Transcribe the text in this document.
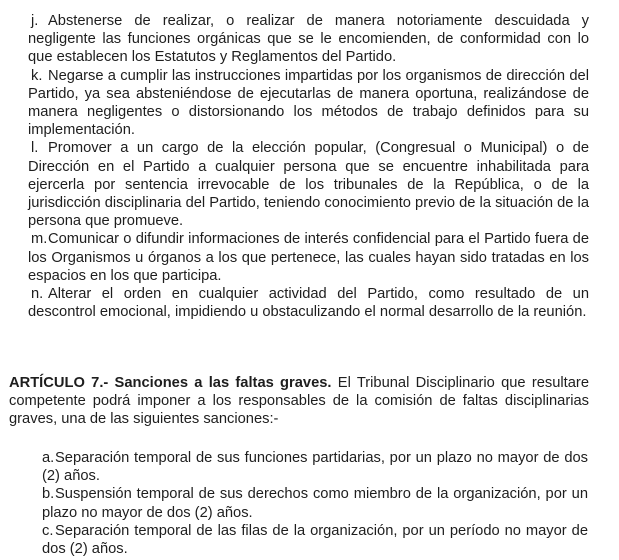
j. Abstenerse de realizar, o realizar de manera notoriamente descuidada y negligente las funciones orgánicas que se le encomienden, de conformidad con lo que establecen los Estatutos y Reglamentos del Partido.

k. Negarse a cumplir las instrucciones impartidas por los organismos de dirección del Partido, ya sea absteniéndose de ejecutarlas de manera oportuna, realizándose de manera negligentes o distorsionando los métodos de trabajo definidos para su implementación.

l. Promover a un cargo de la elección popular, (Congresual o Municipal) o de Dirección en el Partido a cualquier persona que se encuentre inhabilitada para ejercerla por sentencia irrevocable de los tribunales de la República, o de la jurisdicción disciplinaria del Partido, teniendo conocimiento previo de la situación de la persona que promueve.

m.Comunicar o difundir informaciones de interés confidencial para el Partido fuera de los Organismos u órganos a los que pertenece, las cuales hayan sido tratadas en los espacios en los que participa.

n. Alterar el orden en cualquier actividad del Partido, como resultado de un descontrol emocional, impidiendo u obstaculizando el normal desarrollo de la reunión.

ARTÍCULO 7.- Sanciones a las faltas graves. El Tribunal Disciplinario que resultare competente podrá imponer a los responsables de la comisión de faltas disciplinarias graves, una de las siguientes sanciones:-

a.Separación temporal de sus funciones partidarias, por un plazo no mayor de dos (2) años.

b.Suspensión temporal de sus derechos como miembro de la organización, por un plazo no mayor de dos (2) años.

c. Separación temporal de las filas de la organización, por un período no mayor de dos (2) años.
